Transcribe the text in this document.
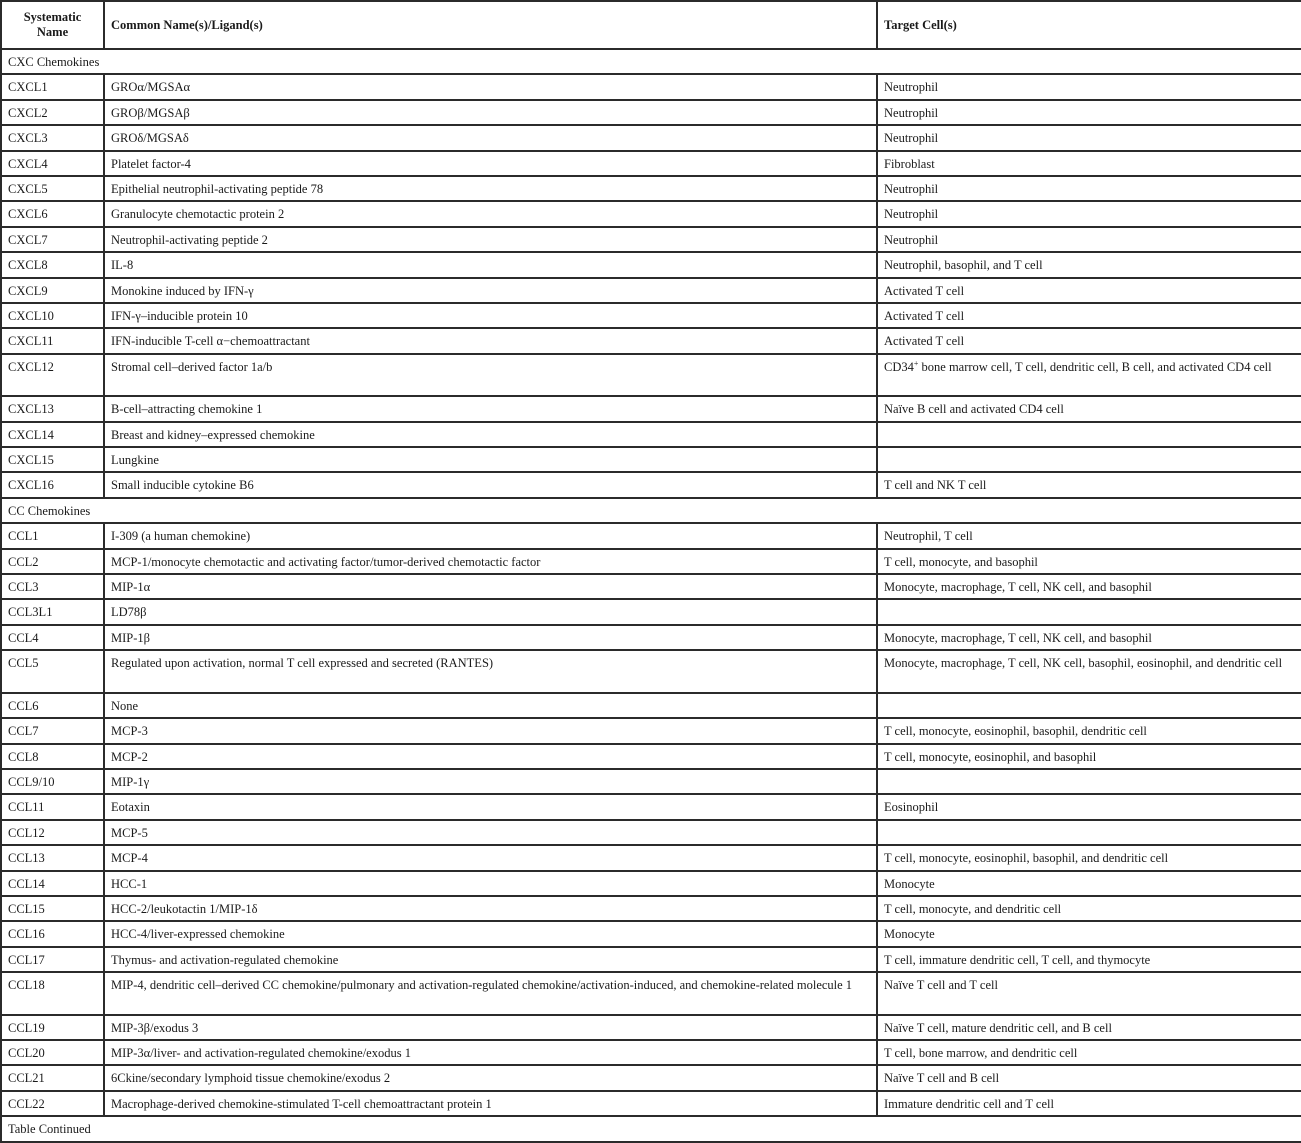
Systematic
Name	Common Name(s)/Ligand(s)	Target Cell(s)
CXC Chemokines		
CXCL1	GROα/MGSAα	Neutrophil

CXCL2	GROβ/MGSAβ	Neutrophil

CXCL3	GROδ/MGSAδ	Neutrophil

CXCL4	Platelet factor-4	Fibroblast

CXCL5	Epithelial neutrophil-activating peptide 78	Neutrophil

CXCL6	Granulocyte chemotactic protein 2	Neutrophil

CXCL7	Neutrophil-activating peptide 2	Neutrophil

CXCL8	IL-8	Neutrophil, basophil, and T cell

CXCL9	Monokine induced by IFN-γ	Activated T cell

CXCL10	IFN-γ–inducible protein 10	Activated T cell

CXCL11	IFN-inducible T-cell α−chemoattractant	Activated T cell

CXCL12	Stromal cell–derived factor 1a/b	CD34+ bone marrow cell, T cell, dendritic cell, B cell, and activated CD4 cell

CXCL13	B-cell–attracting chemokine 1	Naïve B cell and activated CD4 cell

CXCL14	Breast and kidney–expressed chemokine	

CXCL15	Lungkine	

CXCL16	Small inducible cytokine B6	T cell and NK T cell

CC Chemokines		
CCL1	I-309 (a human chemokine)	Neutrophil, T cell

CCL2	MCP-1/monocyte chemotactic and activating factor/tumor-derived chemotactic factor	T cell, monocyte, and basophil

CCL3	MIP-1α	Monocyte, macrophage, T cell, NK cell, and basophil

CCL3L1	LD78β	

CCL4	MIP-1β	Monocyte, macrophage, T cell, NK cell, and basophil

CCL5	Regulated upon activation, normal T cell expressed and secreted (RANTES)	Monocyte, macrophage, T cell, NK cell, basophil, eosinophil, and dendritic cell

CCL6	None	

CCL7	MCP-3	T cell, monocyte, eosinophil, basophil, dendritic cell

CCL8	MCP-2	T cell, monocyte, eosinophil, and basophil

CCL9/10	MIP-1γ	

CCL11	Eotaxin	Eosinophil

CCL12	MCP-5	

CCL13	MCP-4	T cell, monocyte, eosinophil, basophil, and dendritic cell

CCL14	HCC-1	Monocyte

CCL15	HCC-2/leukotactin 1/MIP-1δ	T cell, monocyte, and dendritic cell

CCL16	HCC-4/liver-expressed chemokine	Monocyte

CCL17	Thymus- and activation-regulated chemokine	T cell, immature dendritic cell, T cell, and thymocyte

CCL18	MIP-4, dendritic cell–derived CC chemokine/pulmonary and activation-regulated chemokine/activation-induced, and chemokine-related molecule 1	Naïve T cell and T cell

CCL19	MIP-3β/exodus 3	Naïve T cell, mature dendritic cell, and B cell

CCL20	MIP-3α/liver- and activation-regulated chemokine/exodus 1	T cell, bone marrow, and dendritic cell

CCL21	6Ckine/secondary lymphoid tissue chemokine/exodus 2	Naïve T cell and B cell

CCL22	Macrophage-derived chemokine-stimulated T-cell chemoattractant protein 1	Immature dendritic cell and T cell

Table Continued		
